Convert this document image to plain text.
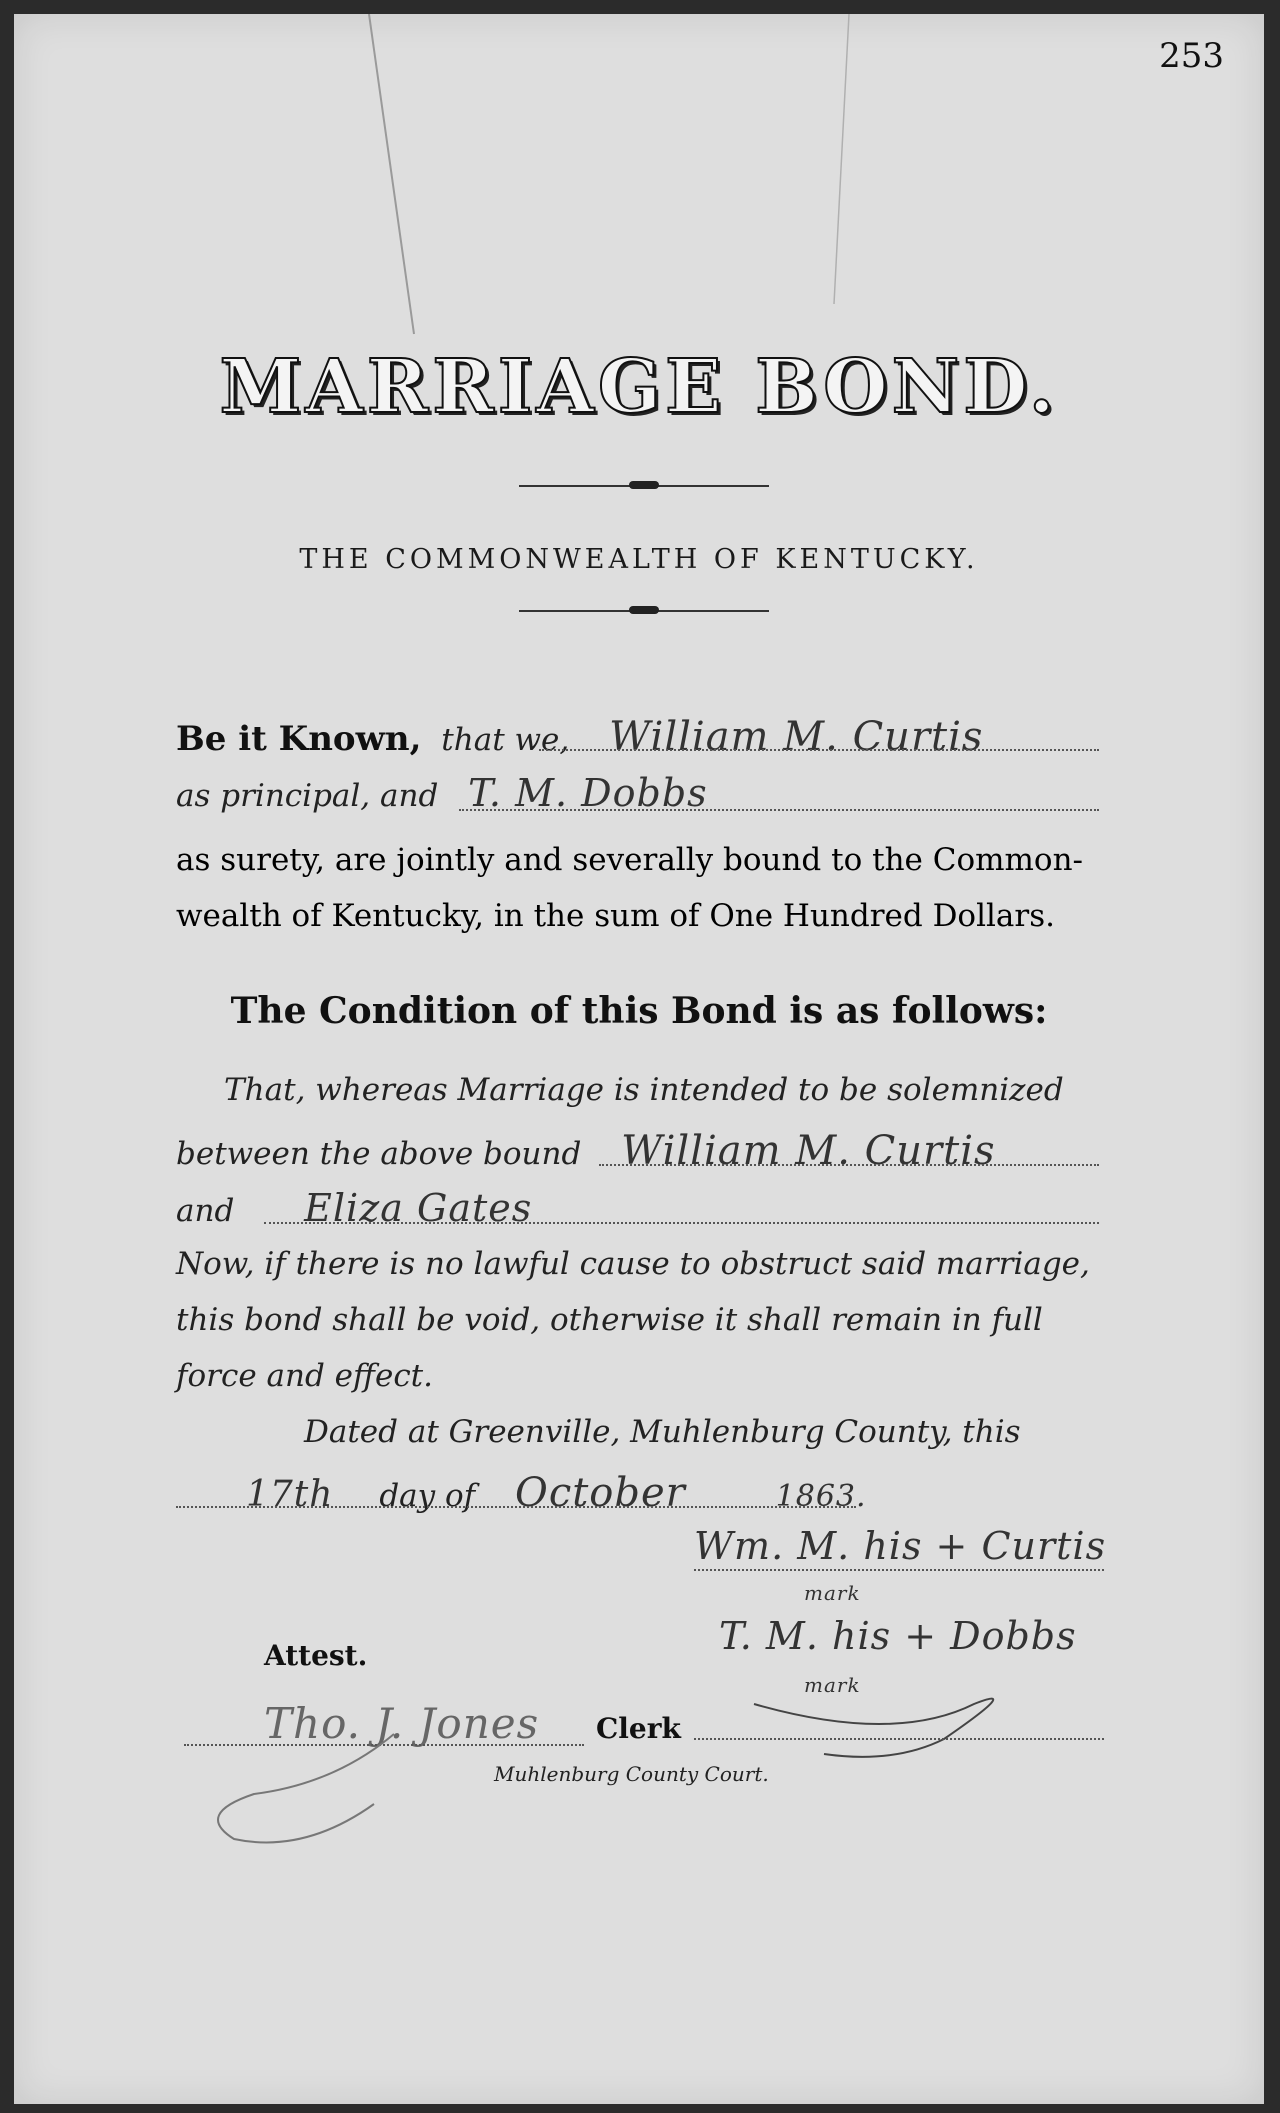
253
MARRIAGE BOND.
THE COMMONWEALTH OF KENTUCKY.
Be it Known, that we, William M. Curtis
as principal, and T. M. Dobbs
as surety, are jointly and severally bound to the Common-
wealth of Kentucky, in the sum of One Hundred Dollars.
The Condition of this Bond is as follows:
That, whereas Marriage is intended to be solemnized
between the above bound William M. Curtis
and Eliza Gates
Now, if there is no lawful cause to obstruct said marriage,
this bond shall be void, otherwise it shall remain in full
force and effect.
Dated at Greenville, Muhlenburg County, this
17th day of October	1863.
Wm. M. his + Curtis
mark
T. M. his + Dobbs
mark
Attest.
Tho. J. Jones	Clerk
Muhlenburg County Court.
